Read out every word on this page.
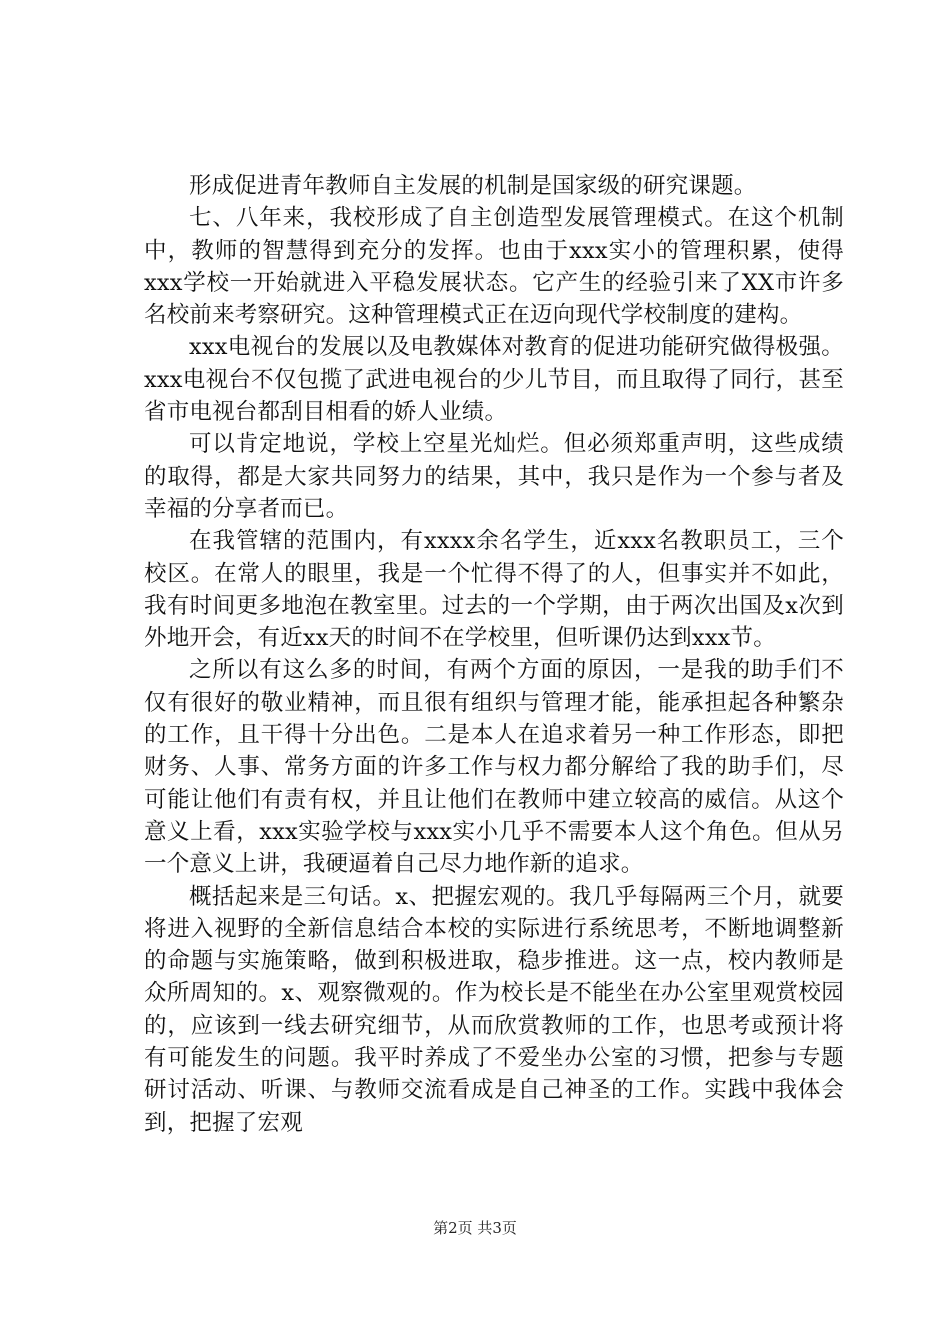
形成促进青年教师自主发展的机制是国家级的研究课题。

七、八年来，我校形成了自主创造型发展管理模式。在这个机制中，教师的智慧得到充分的发挥。也由于xxx实小的管理积累，使得xxx学校一开始就进入平稳发展状态。它产生的经验引来了XX市许多名校前来考察研究。这种管理模式正在迈向现代学校制度的建构。

xxx电视台的发展以及电教媒体对教育的促进功能研究做得极强。xxx电视台不仅包揽了武进电视台的少儿节目，而且取得了同行，甚至省市电视台都刮目相看的娇人业绩。

可以肯定地说，学校上空星光灿烂。但必须郑重声明，这些成绩的取得，都是大家共同努力的结果，其中，我只是作为一个参与者及幸福的分享者而已。

在我管辖的范围内，有xxxx余名学生，近xxx名教职员工，三个校区。在常人的眼里，我是一个忙得不得了的人，但事实并不如此，我有时间更多地泡在教室里。过去的一个学期，由于两次出国及x次到外地开会，有近xx天的时间不在学校里，但听课仍达到xxx节。

之所以有这么多的时间，有两个方面的原因，一是我的助手们不仅有很好的敬业精神，而且很有组织与管理才能，能承担起各种繁杂的工作，且干得十分出色。二是本人在追求着另一种工作形态，即把财务、人事、常务方面的许多工作与权力都分解给了我的助手们，尽可能让他们有责有权，并且让他们在教师中建立较高的威信。从这个意义上看，xxx实验学校与xxx实小几乎不需要本人这个角色。但从另一个意义上讲，我硬逼着自己尽力地作新的追求。

概括起来是三句话。x、把握宏观的。我几乎每隔两三个月，就要将进入视野的全新信息结合本校的实际进行系统思考，不断地调整新的命题与实施策略，做到积极进取，稳步推进。这一点，校内教师是众所周知的。x、观察微观的。作为校长是不能坐在办公室里观赏校园的，应该到一线去研究细节，从而欣赏教师的工作，也思考或预计将有可能发生的问题。我平时养成了不爱坐办公室的习惯，把参与专题研讨活动、听课、与教师交流看成是自己神圣的工作。实践中我体会到，把握了宏观

第2页 共3页
